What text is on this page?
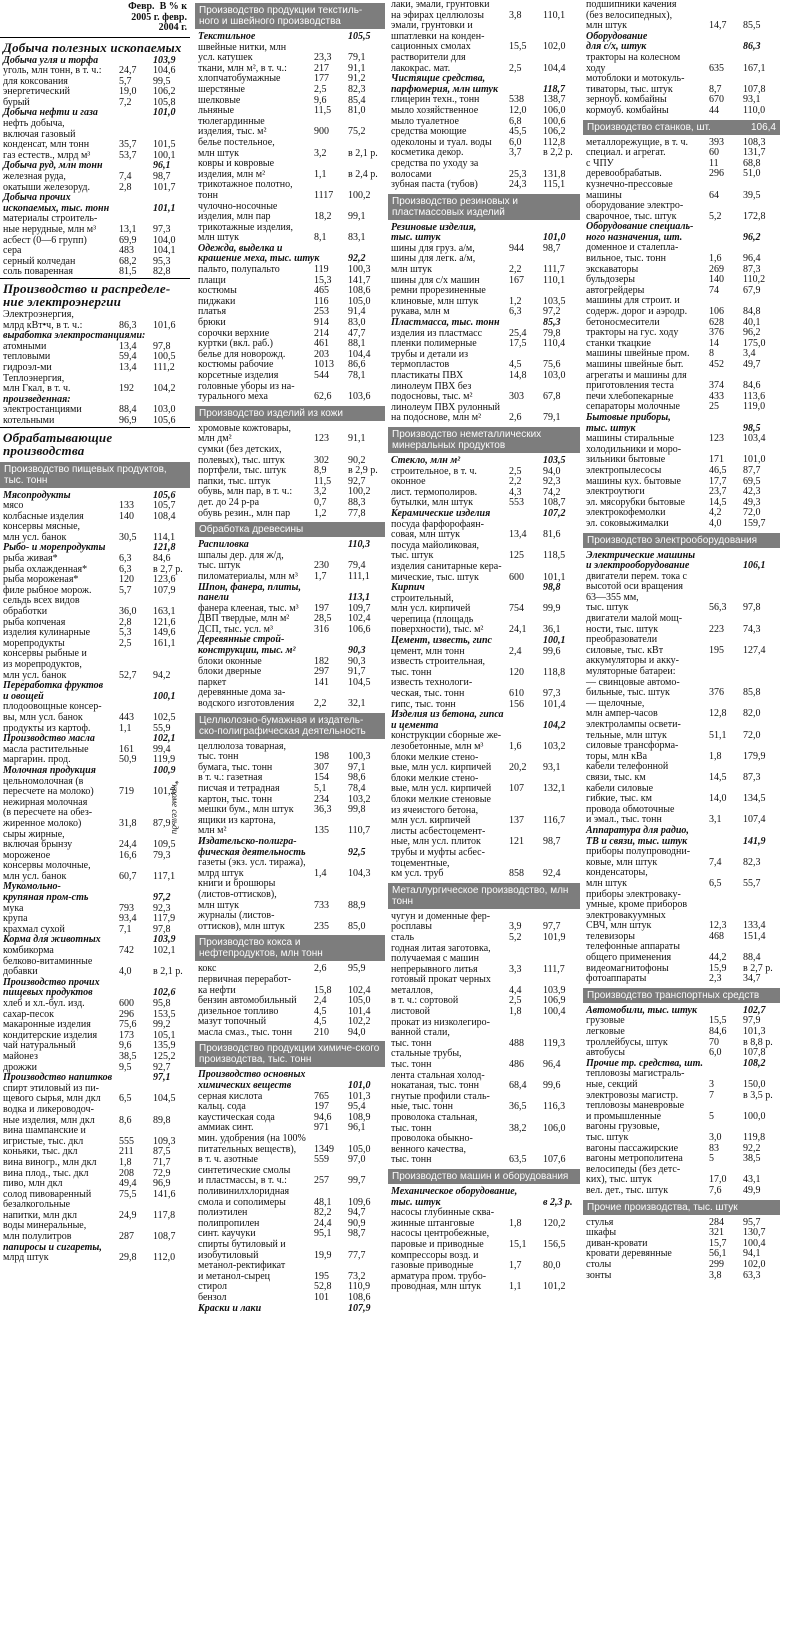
Февр. В % к
2005 г. февр.
2004 г.
Добыча полезных ископаемых
Добыча угля и торфа	103,9
уголь, млн тонн, в т. ч.:	24,7	104,6
для коксования	5,7	99,5
энергетический	19,0	106,2
бурый	7,2	105,8
Добыча нефти и газа	101,0
нефть добыча,
включая газовый
конденсат, млн тонн	35,7	101,5
газ естеств., млрд м³	53,7	100,1
Добыча руд, млн тонн	96,1
железная руда,	7,4	98,7
окатыши железоруд.	2,8	101,7
Добыча прочих
ископаемых, тыс. тонн	101,1
материалы строитель-
ные нерудные, млн м³	13,1	97,3
асбест (0—6 групп)	69,9	104,0
сера	483	104,1
серный колчедан	68,2	95,3
соль поваренная	81,5	82,8
Производство и распределе-ние электроэнергии
Электроэнергия,
млрд кВт•ч, в т. ч.:	86,3	101,6
выработка электростанциями:
атомными	13,4	97,8
тепловыми	59,4	100,5
гидроэл-ми	13,4	111,2
Теплоэнергия,
млн Гкал, в т. ч.	192	104,2
произведенная:
электростанциями	88,4	103,0
котельными	96,9	105,6
Обрабатывающие производства
Производство пищевых продуктов, тыс. тонн
Мясопродукты	105,6
мясо	133	105,7
колбасные изделия	140	108,4
консервы мясные,
млн усл. банок	30,5	114,1
Рыбо- и морепродукты	121,8
рыба живая*	6,3	84,6
рыба охлажденная*	6,3	в 2,7 р.
рыба мороженая*	120	123,6
филе рыбное морож.	5,7	107,9
сельдь всех видов
обработки	36,0	163,1
рыба копченая	2,8	121,6
изделия кулинарные	5,3	149,6
морепродукты	2,5	161,1
консервы рыбные и
из морепродуктов,
млн усл. банок	52,7	94,2
Переработка фруктов
и овощей	100,1
плодоовощные консер-
вы, млн усл. банок	443	102,5
продукты из картоф.	1,1	55,9
Производство масла	102,1
масла растительные	161	99,4
маргарин. прод.	50,9	119,9
Молочная продукция	100,9
цельномолочная (в
пересчете на молоко)	719	101,2
нежирная молочная
(в пересчете на обез-
жиренное молоко)	31,8	87,9
сыры жирные,
включая брынзу	24,4	109,5
мороженое	16,6	79,3
консервы молочные,
млн усл. банок	60,7	117,1
Мукомольно-
крупяная пром-сть	97,2
мука	793	92,3
крупа	93,4	117,9
крахмал сухой	7,1	97,8
Корма для животных	103,9
комбикорма	742	102,1
белково-витаминные
добавки	4,0	в 2,1 р.
Производство прочих
пищевых продуктов	102,6
хлеб и хл.-бул. изд.	600	95,8
сахар-песок	296	153,5
макаронные изделия	75,6	99,2
кондитерские изделия	173	105,1
чай натуральный	9,6	135,9
майонез	38,5	125,2
дрожжи	9,5	92,7
Производство напитков	97,1
спирт этиловый из пи-
щевого сырья, млн дкл	6,5	104,5
водка и ликероводоч-
ные изделия, млн дкл	8,6	89,8
вина шампанские и
игристые, тыс. дкл	555	109,3
коньяки, тыс. дкл	211	87,5
вина виногр., млн дкл	1,8	71,7
вина плод., тыс. дкл	208	72,9
пиво, млн дкл	49,4	96,9
солод пивоваренный	75,5	141,6
безалкогольные
напитки, млн дкл	24,9	117,8
воды минеральные,
млн полулитров	287	108,7
папиросы и сигареты,
млрд штук	29,8	112,0
Производство продукции текстиль-ного и швейного производства
Текстильное	105,5
швейные нитки, млн
усл. катушек	23,3	79,1
ткани, млн м², в т. ч.:	217	91,1
хлопчатобумажные	177	91,2
шерстяные	2,5	82,3
шелковые	9,6	85,4
льняные	11,5	81,0
тюлегардинные
изделия, тыс. м²	900	75,2
белье постельное,
млн штук	3,2	в 2,1 р.
ковры и ковровые
изделия, млн м²	1,1	в 2,4 р.
трикотажное полотно,
тонн	1117	100,2
чулочно-носочные
изделия, млн пар	18,2	99,1
трикотажные изделия,
млн штук	8,1	83,1
Одежда, выделка и
крашение меха, тыс. штук	92,2
пальто, полупальто	119	100,3
плащи	15,3	141,7
костюмы	465	108,6
пиджаки	116	105,0
платья	253	91,4
брюки	914	83,0
сорочки верхние	214	47,7
куртки (вкл. раб.)	461	88,1
белье для новорожд.	203	104,4
костюмы рабочие	1013	86,6
корсетные изделия	544	78,1
головные уборы из на-
турального меха	62,6	103,6
Производство изделий из кожи
хромовые кожтовары,
млн дм²	123	91,1
сумки (без детских,
полевых), тыс. штук	302	90,2
портфели, тыс. штук	8,9	в 2,9 р.
папки, тыс. штук	11,5	92,7
обувь, млн пар, в т. ч.:	3,2	100,2
дет. до 24 р-ра	0,7	88,3
обувь резин., млн пар	1,2	77,8
Обработка древесины
Распиловка	110,3
шпалы дер. для ж/д,
тыс. штук	230	79,4
пиломатериалы, млн м³	1,7	111,1
Шпон, фанера, плиты,
панели	113,1
фанера клееная, тыс. м³	197	109,7
ДВП твердые, млн м²	28,5	102,4
ДСП, тыс. усл. м³	316	106,6
Деревянные строй-
конструкции, тыс. м²	90,3
блоки оконные	182	90,3
блоки дверные	297	91,7
паркет	141	104,5
деревянные дома за-
водского изготовления	2,2	32,1
Целлюлозно-бумажная и издатель-ско-полиграфическая деятельность
целлюлоза товарная,
тыс. тонн	198	100,3
бумага, тыс. тонн	307	97,1
в т. ч.: газетная	154	98,6
писчая и тетрадная	5,1	78,4
картон, тыс. тонн	234	103,2
мешки бум., млн штук	36,3	99,8
ящики из картона,
млн м²	135	110,7
Издательско-полигра-
фическая деятельность	92,5
газеты (экз. усл. тиража),
млрд штук	1,4	104,3
книги и брошюры
(листов-оттисков),
млн штук	733	88,9
журналы (листов-
оттисков), млн штук	235	85,0
Производство кокса и нефтепродуктов, млн тонн
кокс	2,6	95,9
первичная переработ-
ка нефти	15,8	102,4
бензин автомобильный	2,4	105,0
дизельное топливо	4,5	101,4
мазут топочный	4,5	102,2
масла смаз., тыс. тонн	210	94,0
Производство продукции химиче-ского производства, тыс. тонн
Производство основных
химических веществ	101,0
серная кислота	765	101,3
кальц. сода	197	95,4
каустическая сода	94,6	108,9
аммиак синт.	971	96,1
мин. удобрения (на 100%
питательных веществ),	1349	105,0
в т. ч. азотные	559	97,0
синтетические смолы
и пластмассы, в т. ч.:	257	99,7
поливинилхлоридная
смола и сополимеры	48,1	109,6
полиэтилен	82,2	94,7
полипропилен	24,4	90,9
синт. каучуки	95,1	98,7
спирты бутиловый и
изобутиловый	19,9	77,7
метанол-ректификат
и метанол-сырец	195	73,2
стирол	52,8	110,9
бензол	101	108,6
Краски и лаки	107,9
лаки, эмали, грунтовки
на эфирах целлюлозы	3,8	110,1
эмали, грунтовки и
шпатлевки на конден-
сационных смолах	15,5	102,0
растворители для
лакокрас. мат.	2,5	104,4
Чистящие средства,
парфюмерия, млн штук	118,7
глицерин техн., тонн	538	138,7
мыло хозяйственное	12,0	106,0
мыло туалетное	6,8	100,6
средства моющие	45,5	106,2
одеколоны и туал. воды	6,0	112,8
косметика декор.	3,7	в 2,2 р.
средства по уходу за
волосами	25,3	131,8
зубная паста (тубов)	24,3	115,1
Производство резиновых и пластмассовых изделий
Резиновые изделия,
тыс. штук	101,0
шины для груз. а/м,	944	98,7
шины для легк. а/м,
млн штук	2,2	111,7
шины для с/х машин	167	110,1
ремни прорезиненные
клиновые, млн штук	1,2	103,5
рукава, млн м	6,3	97,2
Пластмасса, тыс. тонн	85,3
изделия из пластмасс	25,4	79,8
пленки полимерные	17,5	110,4
трубы и детали из
термопластов	4,5	75,6
пластикаты ПВХ	14,8	103,0
линолеум ПВХ без
подосновы, тыс. м²	303	67,8
линолеум ПВХ рулонный
на подоснове, млн м²	2,6	79,1
Производство неметаллических минеральных продуктов
Стекло, млн м²	103,5
строительное, в т. ч.	2,5	94,0
оконное	2,2	92,3
лист. термополиров.	4,3	74,2
бутылки, млн штук	553	108,7
Керамические изделия	107,2
посуда фарфорофаян-
совая, млн штук	13,4	81,6
посуда майоликовая,
тыс. штук	125	118,5
изделия санитарные кера-
мические, тыс. штук	600	101,1
Кирпич	98,8
строительный,
млн усл. кирпичей	754	99,9
черепица (площадь
поверхности), тыс. м²	24,1	36,1
Цемент, известь, гипс	100,1
цемент, млн тонн	2,4	99,6
известь строительная,
тыс. тонн	120	118,8
известь технологи-
ческая, тыс. тонн	610	97,3
гипс, тыс. тонн	156	101,4
Изделия из бетона, гипса
и цемента	104,2
конструкции сборные же-
лезобетонные, млн м³	1,6	103,2
блоки мелкие стено-
вые, млн усл. кирпичей	20,2	93,1
блоки мелкие стено-
вые, млн усл. кирпичей	107	132,1
блоки мелкие стеновые
из ячеистого бетона,
млн усл. кирпичей	137	116,7
листы асбестоцемент-
ные, млн усл. плиток	121	98,7
трубы и муфты асбес-
тоцементные,
км усл. труб	858	92,4
Металлургическое производство, млн тонн
чугун и доменные фер-
росплавы	3,9	97,7
сталь	5,2	101,9
годная литая заготовка,
получаемая с машин
непрерывного литья	3,3	111,7
готовый прокат черных
металлов,	4,4	103,9
в т. ч.: сортовой	2,5	106,9
листовой	1,8	100,4
прокат из низколегиро-
ванной стали,
тыс. тонн	488	119,3
стальные трубы,
тыс. тонн	486	96,4
лента стальная холод-
нокатаная, тыс. тонн	68,4	99,6
гнутые профили сталь-
ные, тыс. тонн	36,5	116,3
проволока стальная,
тыс. тонн	38,2	106,0
проволока обыкно-
венного качества,
тыс. тонн	63,5	107,6
Производство машин и оборудования
Механическое оборудование,
тыс. штук	в 2,3 р.
насосы глубинные сква-
жинные штанговые	1,8	120,2
насосы центробежные,
паровые и приводные	15,1	156,5
компрессоры возд. и
газовые приводные	1,7	80,0
арматура пром. трубо-
проводная, млн штук	1,1	101,2
подшипники качения
(без велосипедных),
млн штук	14,7	85,5
Оборудование
для с/х, штук	86,3
тракторы на колесном
ходу	635	167,1
мотоблоки и мотокуль-
тиваторы, тыс. штук	8,7	107,8
зерноуб. комбайны	670	93,1
кормоуб. комбайны	44	110,0
Производство станков, шт.	106,4
металлорежущие, в т. ч.	393	108,3
специал. и агрегат.	60	131,7
с ЧПУ	11	68,8
деревообрабатыв.	296	51,0
кузнечно-прессовые
машины	64	39,5
оборудование электро-
сварочное, тыс. штук	5,2	172,8
Оборудование специаль-
ного назначения, шт.	96,2
доменное и сталепла-
вильное, тыс. тонн	1,6	96,4
экскаваторы	269	87,3
бульдозеры	140	110,2
автогрейдеры	74	67,9
машины для строит. и
содерж. дорог и аэродр.	106	84,8
бетоносмесители	628	40,1
тракторы на гус. ходу	376	96,2
станки ткацкие	14	175,0
машины швейные пром.	8	3,4
машины швейные быт.	452	49,7
агрегаты и машины для
приготовления теста	374	84,6
печи хлебопекарные	433	113,6
сепараторы молочные	25	119,0
Бытовые приборы,
тыс. штук	98,5
машины стиральные	123	103,4
холодильники и моро-
зильники бытовые	171	101,0
электропылесосы	46,5	87,7
машины кух. бытовые	17,7	69,5
электроутюги	23,7	42,3
эл. мясорубки бытовые	14,5	49,3
электрокофемолки	4,2	72,0
эл. соковыжималки	4,0	159,7
Производство электрооборудования
Электрические машины
и электрооборудование	106,1
двигатели перем. тока с
высотой оси вращения
63—355 мм,
тыс. штук	56,3	97,8
двигатели малой мощ-
ности, тыс. штук	223	74,3
преобразователи
силовые, тыс. кВт	195	127,4
аккумуляторы и акку-
муляторные батареи:
— свинцовые автомо-
бильные, тыс. штук	376	85,8
— щелочные,
млн ампер-часов	12,8	82,0
электролампы освети-
тельные, млн штук	51,1	72,0
силовые трансформа-
торы, млн кВа	1,8	179,9
кабели телефонной
связи, тыс. км	14,5	87,3
кабели силовые
гибкие, тыс. км	14,0	134,5
провода обмоточные
и эмал., тыс. тонн	3,1	107,4
Аппаратура для радио,
ТВ и связи, тыс. штук	141,9
приборы полупроводни-
ковые, млн штук	7,4	82,3
конденсаторы,
млн штук	6,5	55,7
приборы электроваку-
умные, кроме приборов
электровакуумных
СВЧ, млн штук	12,3	133,4
телевизоры	468	151,4
телефонные аппараты
общего применения	44,2	88,4
видеомагнитофоны	15,9	в 2,7 р.
фотоаппараты	2,3	34,7
Производство транспортных средств
Автомобили, тыс. штук	102,7
грузовые	15,5	97,9
легковые	84,6	101,3
троллейбусы, штук	70	в 8,8 р.
автобусы	6,0	107,8
Прочие тр. средства, шт.	108,2
тепловозы магистраль-
ные, секций	3	150,0
электровозы магистр.	7	в 3,5 р.
тепловозы маневровые
и промышленные	5	100,0
вагоны грузовые,
тыс. штук	3,0	119,8
вагоны пассажирские	83	92,2
вагоны метрополитена	5	38,5
велосипеды (без детс-
ких), тыс. штук	17,0	43,1
вел. дет., тыс. штук	7,6	49,9
Прочие производства, тыс. штук
стулья	284	95,7
шкафы	321	130,7
диван-кровати	15,7	100,4
кровати деревянные	56,1	94,1
столы	299	102,0
зонты	3,8	63,3
*кроме сельди
